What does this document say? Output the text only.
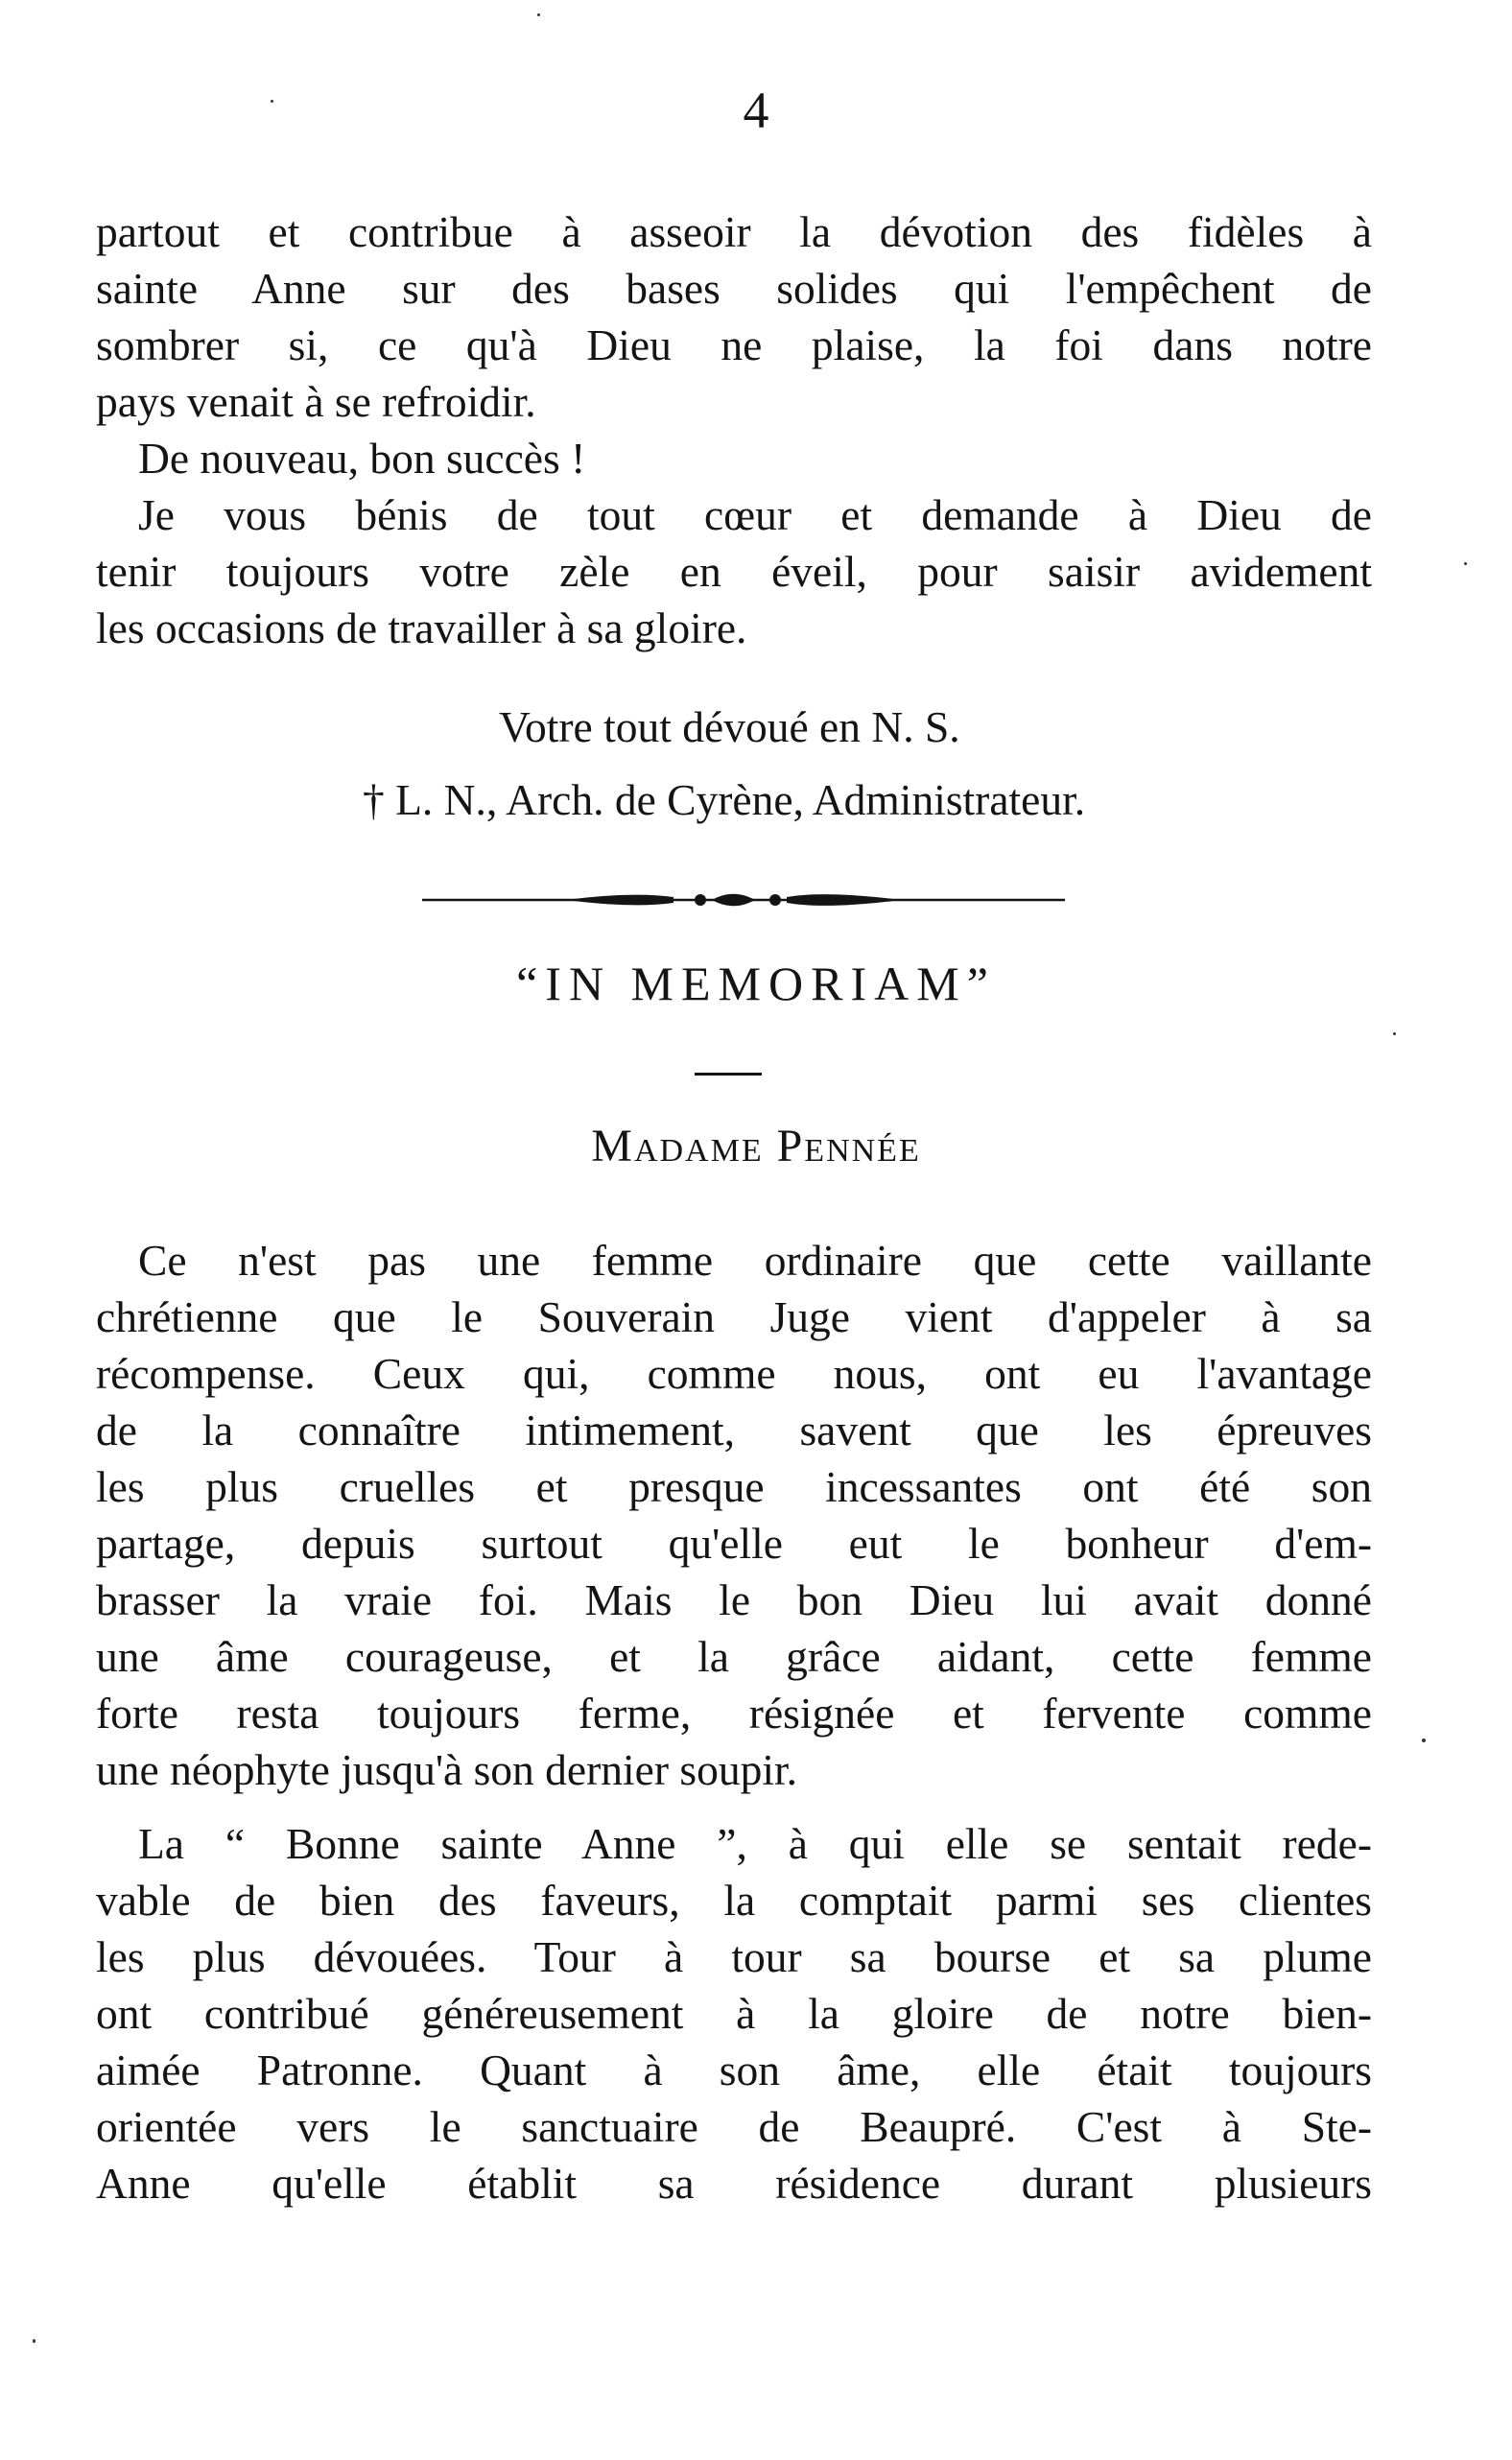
4

partout et contribue à asseoir la dévotion des fidèles à

sainte Anne sur des bases solides qui l'empêchent de

sombrer si, ce qu'à Dieu ne plaise, la foi dans notre

pays venait à se refroidir.

De nouveau, bon succès !

Je vous bénis de tout cœur et demande à Dieu de

tenir toujours votre zèle en éveil, pour saisir avidement

les occasions de travailler à sa gloire.

Votre tout dévoué en N. S.
† L. N., Arch. de Cyrène, Administrateur.
“IN MEMORIAM”
Madame Pennée

Ce n'est pas une femme ordinaire que cette vaillante

chrétienne que le Souverain Juge vient d'appeler à sa

récompense. Ceux qui, comme nous, ont eu l'avantage

de la connaître intimement, savent que les épreuves

les plus cruelles et presque incessantes ont été son

partage, depuis surtout qu'elle eut le bonheur d'em-

brasser la vraie foi. Mais le bon Dieu lui avait donné

une âme courageuse, et la grâce aidant, cette femme

forte resta toujours ferme, résignée et fervente comme

une néophyte jusqu'à son dernier soupir.

La “ Bonne sainte Anne ”, à qui elle se sentait rede-

vable de bien des faveurs, la comptait parmi ses clientes

les plus dévouées. Tour à tour sa bourse et sa plume

ont contribué généreusement à la gloire de notre bien-

aimée Patronne. Quant à son âme, elle était toujours

orientée vers le sanctuaire de Beaupré. C'est à Ste-

Anne qu'elle établit sa résidence durant plusieurs
